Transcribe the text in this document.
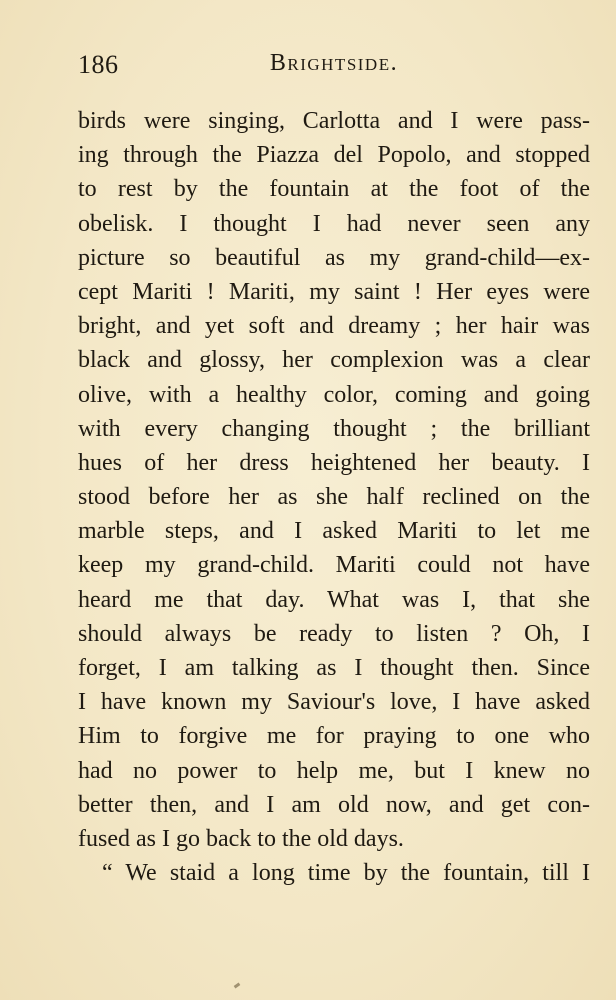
186	Brightside.
birds were singing, Carlotta and I were pass-
ing through the Piazza del Popolo, and stopped
to rest by the fountain at the foot of the
obelisk. I thought I had never seen any
picture so beautiful as my grand-child—ex-
cept Mariti ! Mariti, my saint ! Her eyes were
bright, and yet soft and dreamy ; her hair was
black and glossy, her complexion was a clear
olive, with a healthy color, coming and going
with every changing thought ; the brilliant
hues of her dress heightened her beauty. I
stood before her as she half reclined on the
marble steps, and I asked Mariti to let me
keep my grand-child. Mariti could not have
heard me that day. What was I, that she
should always be ready to listen ? Oh, I
forget, I am talking as I thought then. Since
I have known my Saviour's love, I have asked
Him to forgive me for praying to one who
had no power to help me, but I knew no
better then, and I am old now, and get con-
fused as I go back to the old days.
“ We staid a long time by the fountain, till I
